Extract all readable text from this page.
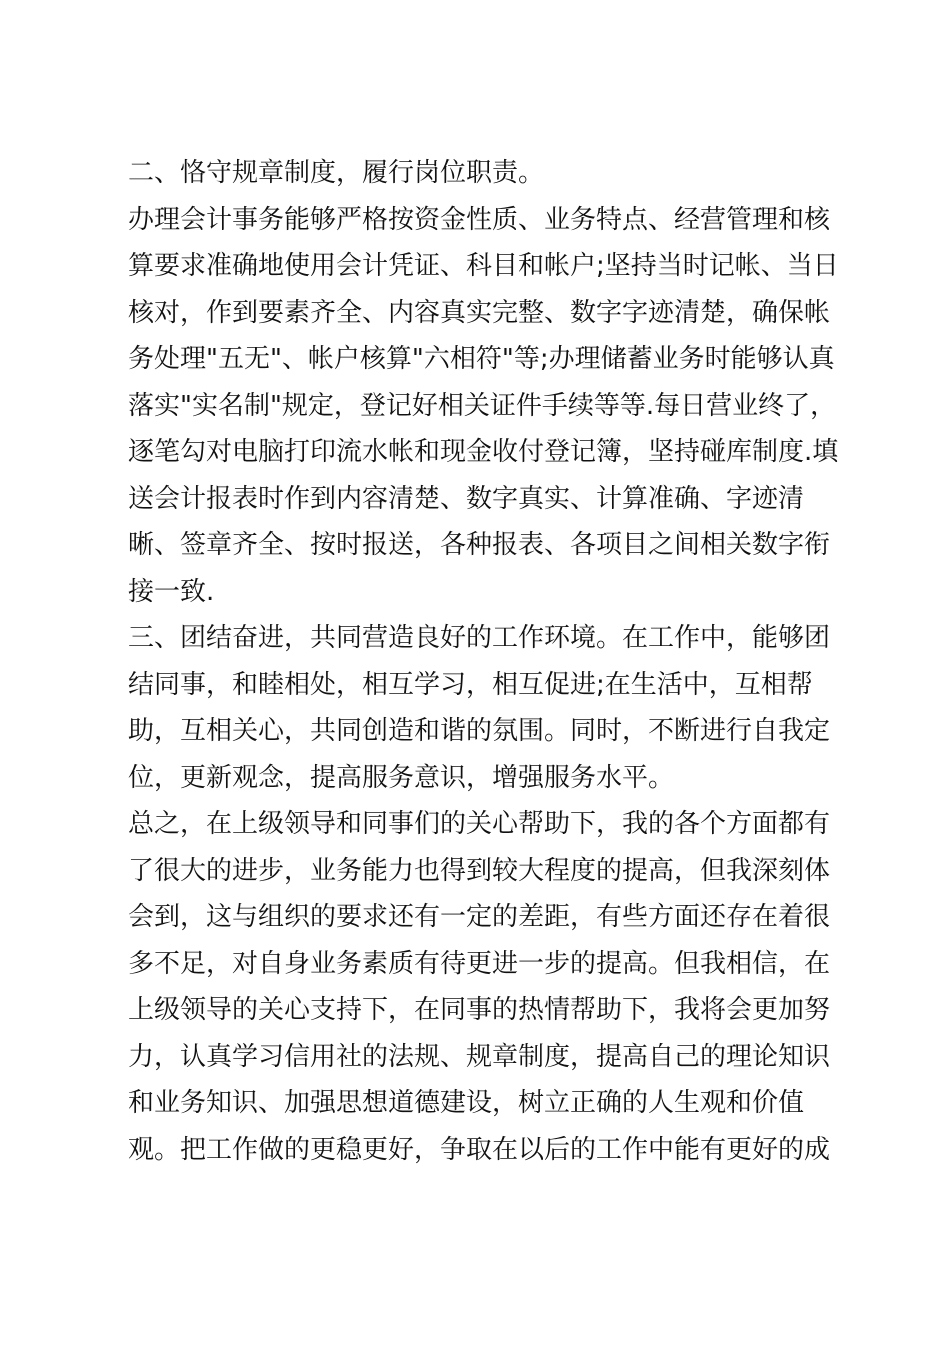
二、恪守规章制度，履行岗位职责。
办理会计事务能够严格按资金性质、业务特点、经营管理和核
算要求准确地使用会计凭证、科目和帐户;坚持当时记帐、当日
核对，作到要素齐全、内容真实完整、数字字迹清楚，确保帐
务处理"五无"、帐户核算"六相符"等;办理储蓄业务时能够认真
落实"实名制"规定，登记好相关证件手续等等.每日营业终了，
逐笔勾对电脑打印流水帐和现金收付登记簿，坚持碰库制度.填
送会计报表时作到内容清楚、数字真实、计算准确、字迹清
晰、签章齐全、按时报送，各种报表、各项目之间相关数字衔
接一致.
三、团结奋进，共同营造良好的工作环境。在工作中，能够团
结同事，和睦相处，相互学习，相互促进;在生活中，互相帮
助，互相关心，共同创造和谐的氛围。同时，不断进行自我定
位，更新观念，提高服务意识，增强服务水平。
总之，在上级领导和同事们的关心帮助下，我的各个方面都有
了很大的进步，业务能力也得到较大程度的提高，但我深刻体
会到，这与组织的要求还有一定的差距，有些方面还存在着很
多不足，对自身业务素质有待更进一步的提高。但我相信，在
上级领导的关心支持下，在同事的热情帮助下，我将会更加努
力，认真学习信用社的法规、规章制度，提高自己的理论知识
和业务知识、加强思想道德建设，树立正确的人生观和价值
观。把工作做的更稳更好，争取在以后的工作中能有更好的成
